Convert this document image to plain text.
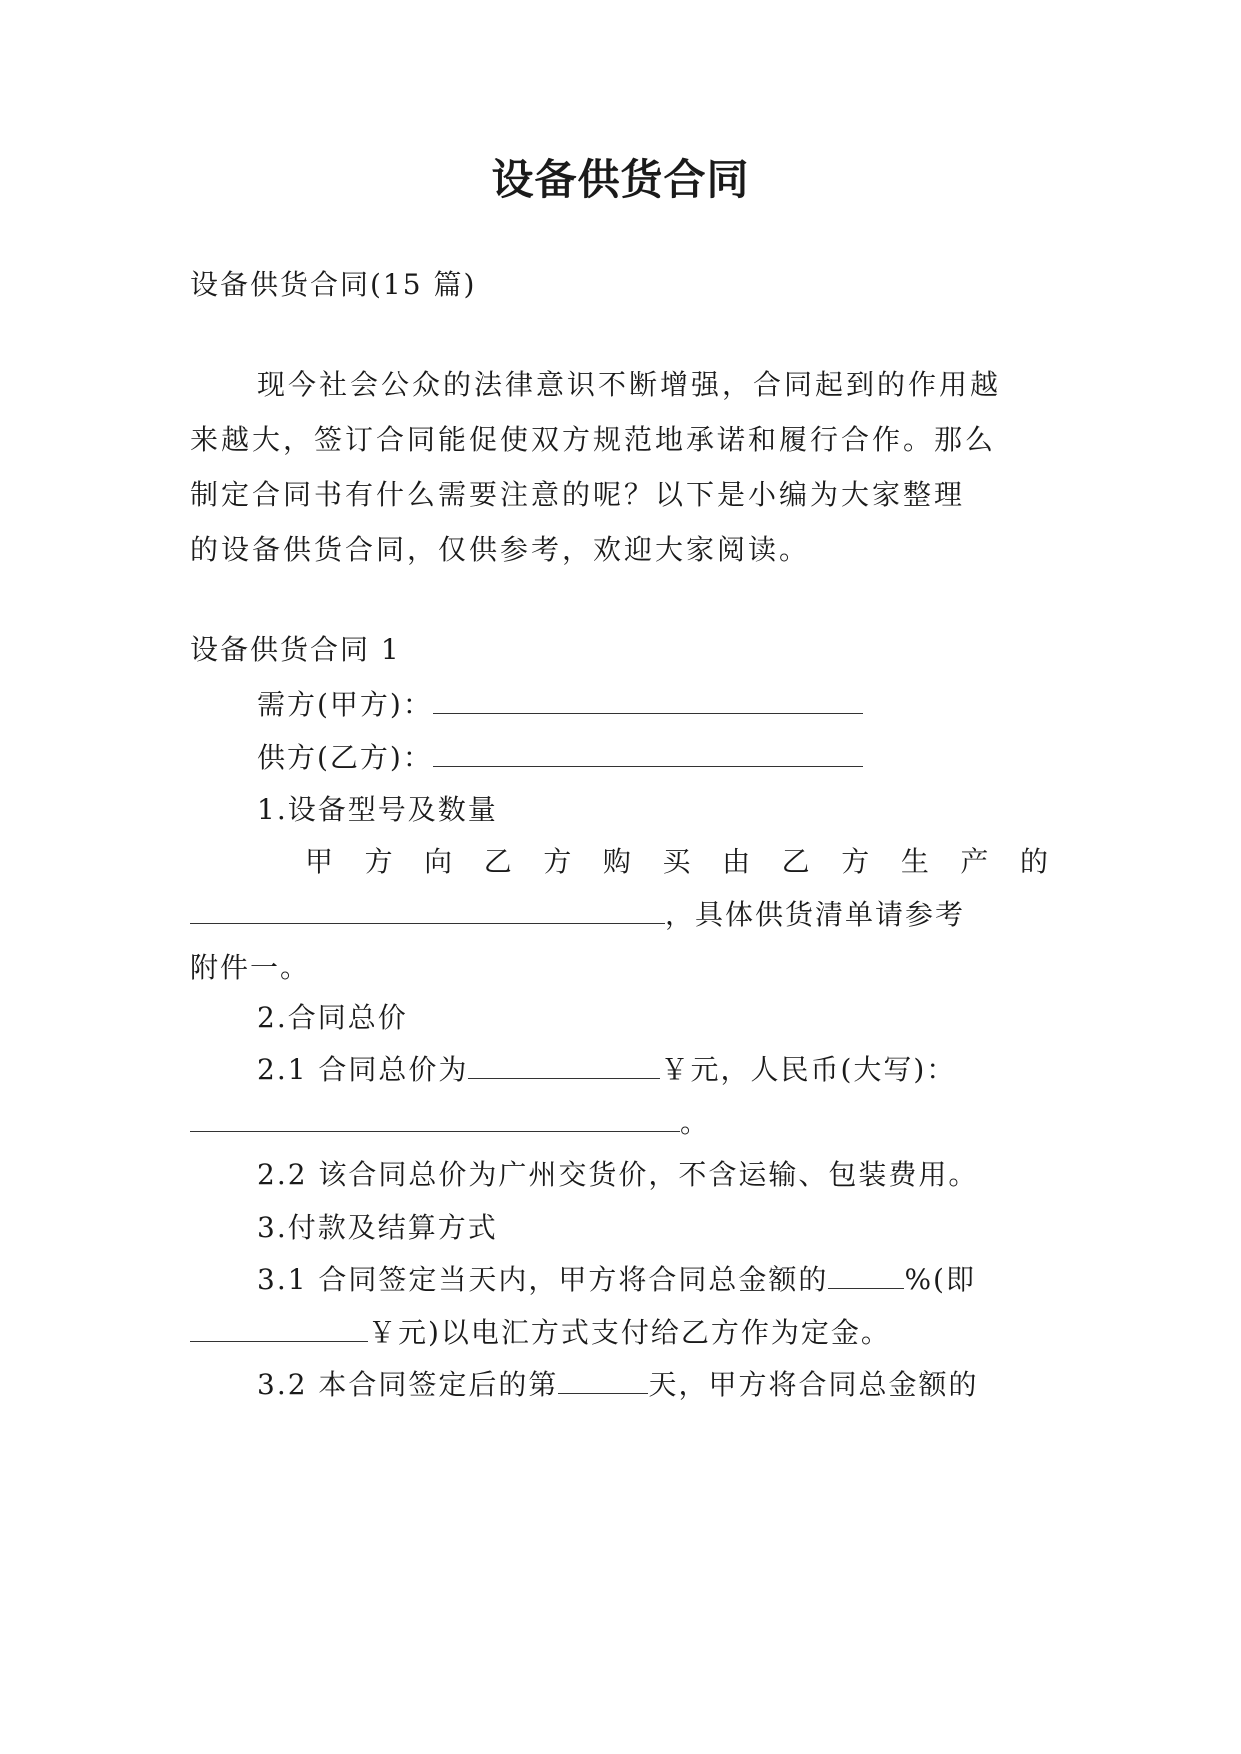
设备供货合同
设备供货合同(15 篇)
现今社会公众的法律意识不断增强，合同起到的作用越
来越大，签订合同能促使双方规范地承诺和履行合作。那么
制定合同书有什么需要注意的呢？以下是小编为大家整理
的设备供货合同，仅供参考，欢迎大家阅读。
设备供货合同 1
需方(甲方)：
供方(乙方)：
1.设备型号及数量
甲 方 向 乙 方 购 买 由 乙 方 生 产 的
，具体供货清单请参考
附件一。
2.合同总价
2.1 合同总价为	￥元，人民币(大写)：
。
2.2 该合同总价为广州交货价，不含运输、包装费用。
3.付款及结算方式
3.1 合同签定当天内，甲方将合同总金额的	%(即
￥元)以电汇方式支付给乙方作为定金。
3.2 本合同签定后的第	天，甲方将合同总金额的
